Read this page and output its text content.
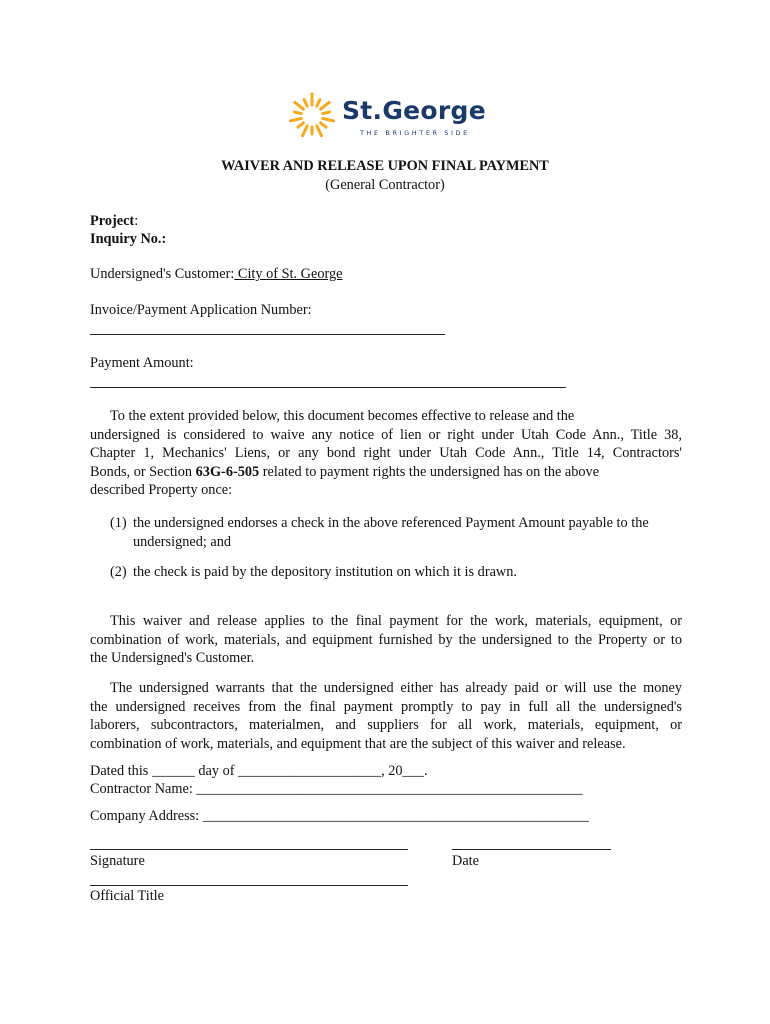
St.George
THE BRIGHTER SIDE
WAIVER AND RELEASE UPON FINAL PAYMENT
(General Contractor)
Project:
Inquiry No.:
Undersigned's Customer: City of St. George
Invoice/Payment Application Number:
Payment Amount:
To the extent provided below, this document becomes effective to release and the
undersigned is considered to waive any notice of lien or right under Utah Code Ann., Title 38,
Chapter 1, Mechanics' Liens, or any bond right under Utah Code Ann., Title 14, Contractors'
Bonds, or Section 63G-6-505 related to payment rights the undersigned has on the above
described Property once:
(1) the undersigned endorses a check in the above referenced Payment Amount payable to the
undersigned; and
(2) the check is paid by the depository institution on which it is drawn.
This waiver and release applies to the final payment for the work, materials, equipment, or
combination of work, materials, and equipment furnished by the undersigned to the Property or to
the Undersigned's Customer.
The undersigned warrants that the undersigned either has already paid or will use the money
the undersigned receives from the final payment promptly to pay in full all the undersigned's
laborers, subcontractors, materialmen, and suppliers for all work, materials, equipment, or
combination of work, materials, and equipment that are the subject of this waiver and release.
Dated this ______ day of ____________________, 20___.
Contractor Name: ______________________________________________________
Company Address: ______________________________________________________
Signature	Date
Official Title
